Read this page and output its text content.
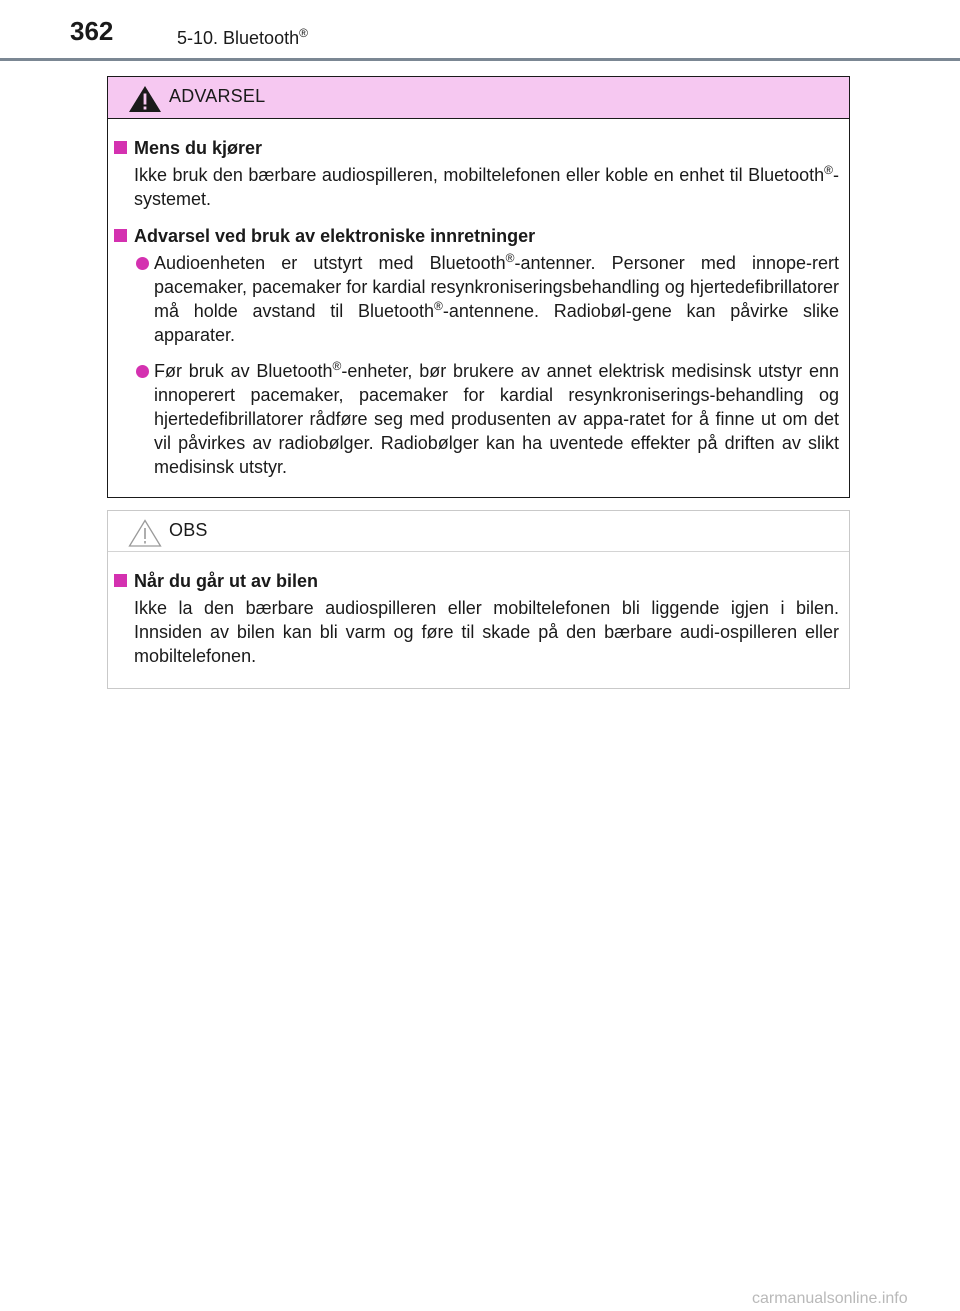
362	5-10. Bluetooth®
ADVARSEL
Mens du kjører
Ikke bruk den bærbare audiospilleren, mobiltelefonen eller koble en enhet til Bluetooth®-systemet.
Advarsel ved bruk av elektroniske innretninger
Audioenheten er utstyrt med Bluetooth®-antenner. Personer med innope-rert pacemaker, pacemaker for kardial resynkroniseringsbehandling og hjertedefibrillatorer må holde avstand til Bluetooth®-antennene. Radiobøl-gene kan påvirke slike apparater.
Før bruk av Bluetooth®-enheter, bør brukere av annet elektrisk medisinsk utstyr enn innoperert pacemaker, pacemaker for kardial resynkroniserings-behandling og hjertedefibrillatorer rådføre seg med produsenten av appa-ratet for å finne ut om det vil påvirkes av radiobølger. Radiobølger kan ha uventede effekter på driften av slikt medisinsk utstyr.
OBS
Når du går ut av bilen
Ikke la den bærbare audiospilleren eller mobiltelefonen bli liggende igjen i bilen. Innsiden av bilen kan bli varm og føre til skade på den bærbare audi-ospilleren eller mobiltelefonen.
carmanualsonline.info
